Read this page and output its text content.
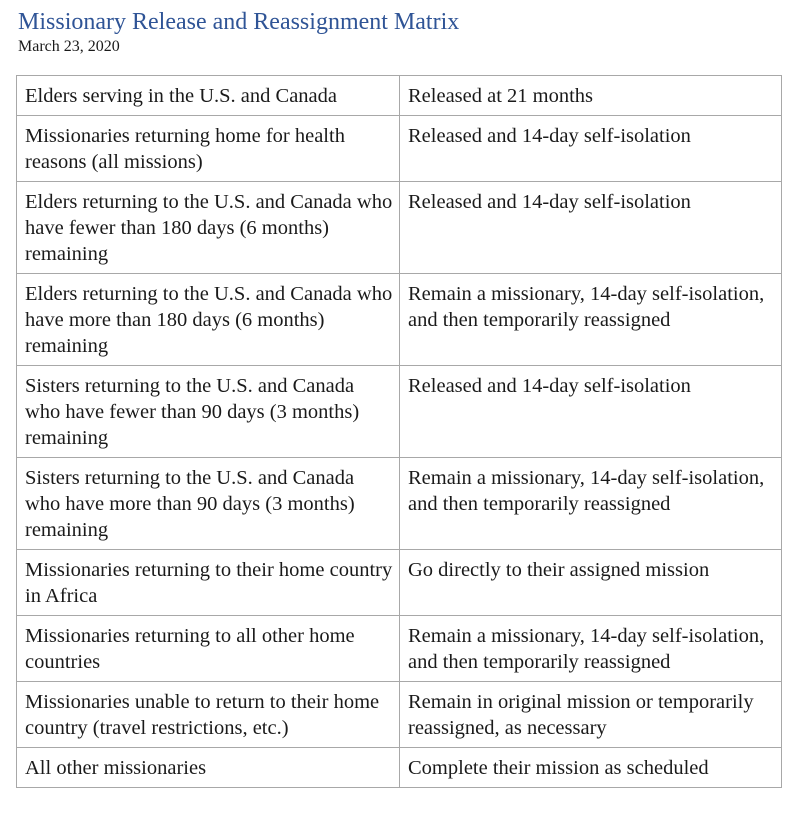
Missionary Release and Reassignment Matrix
March 23, 2020
Elders serving in the U.S. and Canada	Released at 21 months
Missionaries returning home for health reasons (all missions)	Released and 14-day self-isolation
Elders returning to the U.S. and Canada who have fewer than 180 days (6 months) remaining	Released and 14-day self-isolation
Elders returning to the U.S. and Canada who have more than 180 days (6 months) remaining	Remain a missionary, 14-day self-isolation, and then temporarily reassigned
Sisters returning to the U.S. and Canada who have fewer than 90 days (3 months) remaining	Released and 14-day self-isolation
Sisters returning to the U.S. and Canada who have more than 90 days (3 months) remaining	Remain a missionary, 14-day self-isolation, and then temporarily reassigned
Missionaries returning to their home country in Africa	Go directly to their assigned mission
Missionaries returning to all other home countries	Remain a missionary, 14-day self-isolation, and then temporarily reassigned
Missionaries unable to return to their home country (travel restrictions, etc.)	Remain in original mission or temporarily reassigned, as necessary
All other missionaries	Complete their mission as scheduled
